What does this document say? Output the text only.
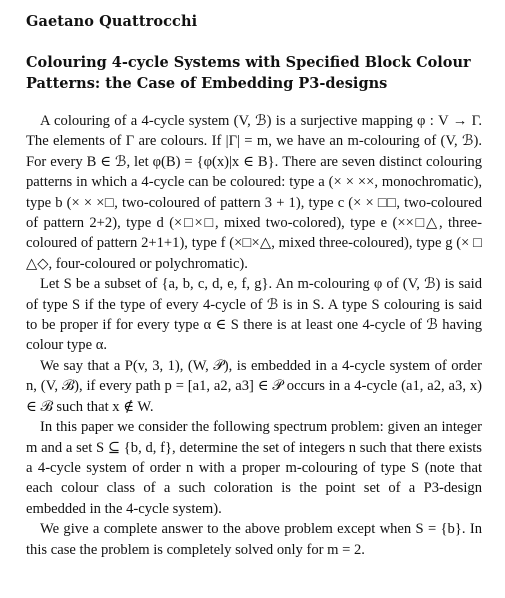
Gaetano Quattrocchi
Colouring 4-cycle Systems with Specified Block Colour Patterns: the Case of Embedding P3-designs

A colouring of a 4-cycle system (V, ℬ) is a surjective mapping φ : V → Γ. The elements of Γ are colours. If |Γ| = m, we have an m-colouring of (V, ℬ). For every B ∈ ℬ, let φ(B) = {φ(x)|x ∈ B}. There are seven distinct colouring patterns in which a 4-cycle can be coloured: type a (× × ××, monochromatic), type b (× × ×□, two-coloured of pattern 3 + 1), type c (× × □□, two-coloured of pattern 2+2), type d (×□×□, mixed two-colored), type e (××□△, three-coloured of pattern 2+1+1), type f (×□×△, mixed three-coloured), type g (× □ △◇, four-coloured or polychromatic).

Let S be a subset of {a, b, c, d, e, f, g}. An m-colouring φ of (V, ℬ) is said of type S if the type of every 4-cycle of ℬ is in S. A type S colouring is said to be proper if for every type α ∈ S there is at least one 4-cycle of ℬ having colour type α.

We say that a P(v, 3, 1), (W, 𝒫), is embedded in a 4-cycle system of order n, (V, ℬ), if every path p = [a1, a2, a3] ∈ 𝒫 occurs in a 4-cycle (a1, a2, a3, x) ∈ ℬ such that x ∉ W.

In this paper we consider the following spectrum problem: given an integer m and a set S ⊆ {b, d, f}, determine the set of integers n such that there exists a 4-cycle system of order n with a proper m-colouring of type S (note that each colour class of a such coloration is the point set of a P3-design embedded in the 4-cycle system).

We give a complete answer to the above problem except when S = {b}. In this case the problem is completely solved only for m = 2.
